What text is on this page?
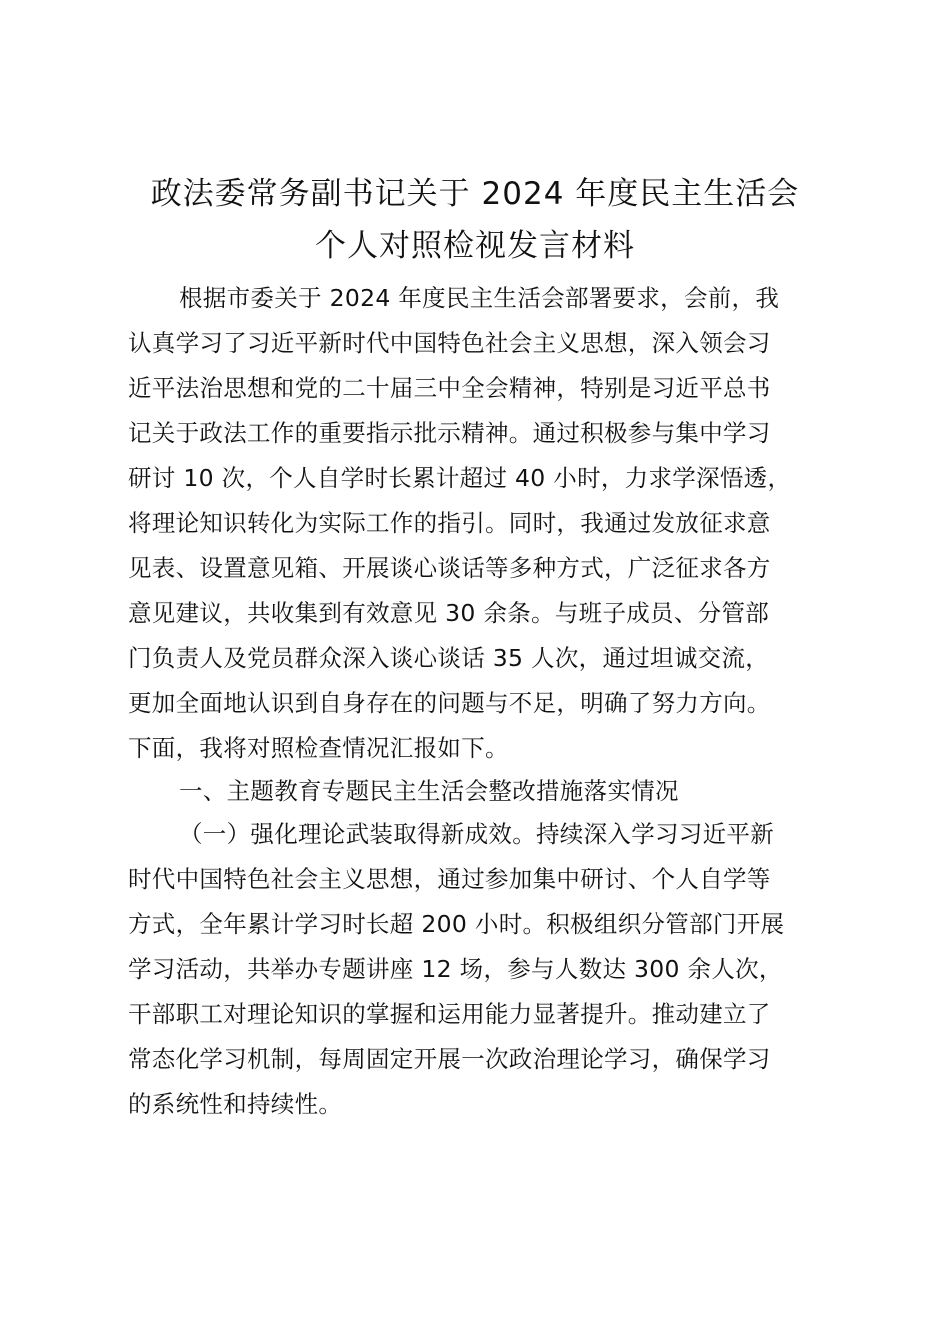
政法委常务副书记关于 2024 年度民主生活会
个人对照检视发言材料

根据市委关于 2024 年度民主生活会部署要求，会前，我

认真学习了习近平新时代中国特色社会主义思想，深入领会习

近平法治思想和党的二十届三中全会精神，特别是习近平总书

记关于政法工作的重要指示批示精神。通过积极参与集中学习

研讨 10 次，个人自学时长累计超过 40 小时，力求学深悟透，

将理论知识转化为实际工作的指引。同时，我通过发放征求意

见表、设置意见箱、开展谈心谈话等多种方式，广泛征求各方

意见建议，共收集到有效意见 30 余条。与班子成员、分管部

门负责人及党员群众深入谈心谈话 35 人次，通过坦诚交流，

更加全面地认识到自身存在的问题与不足，明确了努力方向。

下面，我将对照检查情况汇报如下。

一、主题教育专题民主生活会整改措施落实情况

（一）强化理论武装取得新成效。持续深入学习习近平新

时代中国特色社会主义思想，通过参加集中研讨、个人自学等

方式，全年累计学习时长超 200 小时。积极组织分管部门开展

学习活动，共举办专题讲座 12 场，参与人数达 300 余人次，

干部职工对理论知识的掌握和运用能力显著提升。推动建立了

常态化学习机制，每周固定开展一次政治理论学习，确保学习

的系统性和持续性。
